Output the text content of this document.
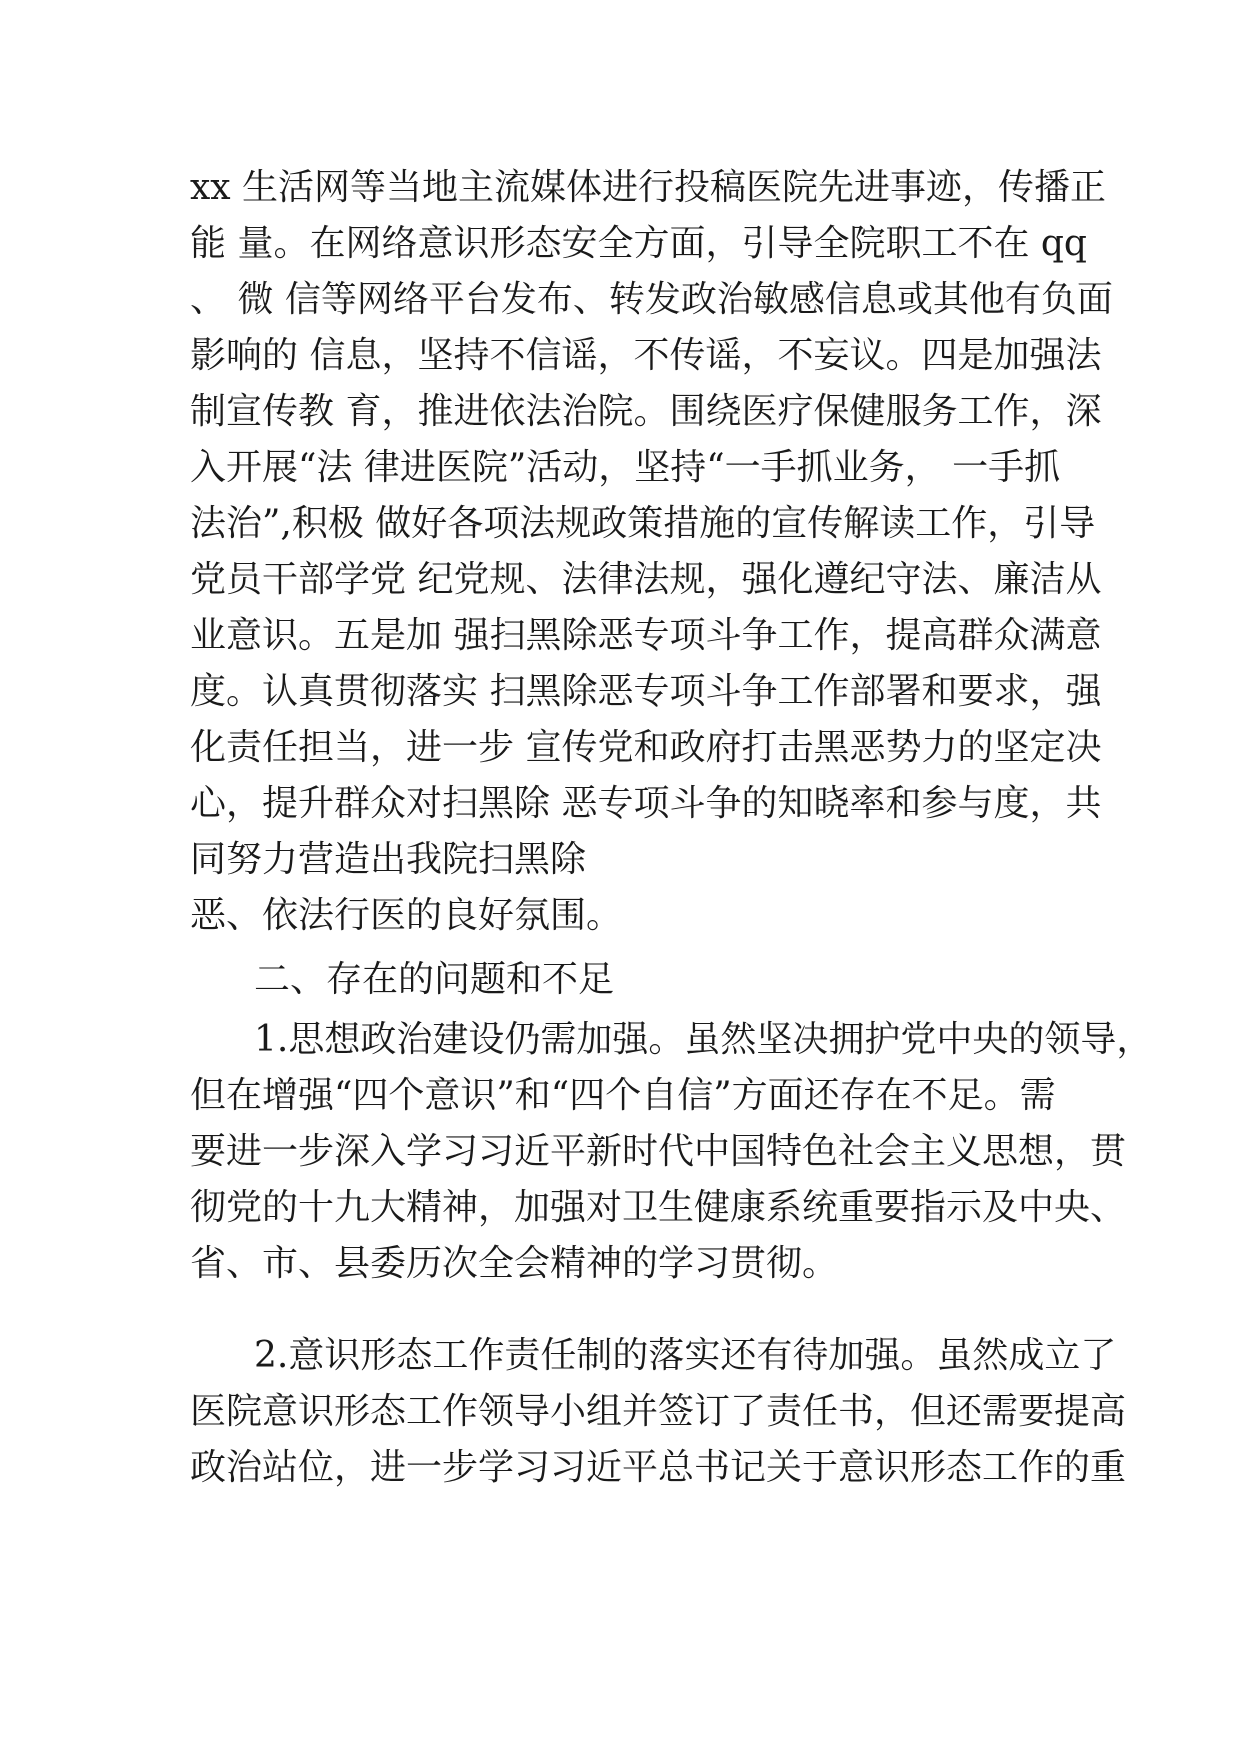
xx 生活网等当地主流媒体进行投稿医院先进事迹，传播正
能 量。在网络意识形态安全方面，引导全院职工不在 qq
、 微 信等网络平台发布、转发政治敏感信息或其他有负面
影响的 信息，坚持不信谣，不传谣，不妄议。四是加强法
制宣传教 育，推进依法治院。围绕医疗保健服务工作，深
入开展“法 律进医院”活动，坚持“一手抓业务， 一手抓
法治”,积极 做好各项法规政策措施的宣传解读工作，引导
党员干部学党 纪党规、法律法规，强化遵纪守法、廉洁从
业意识。五是加 强扫黑除恶专项斗争工作，提高群众满意
度。认真贯彻落实 扫黑除恶专项斗争工作部署和要求，强
化责任担当，进一步 宣传党和政府打击黑恶势力的坚定决
心，提升群众对扫黑除 恶专项斗争的知晓率和参与度，共
同努力营造出我院扫黑除
恶、依法行医的良好氛围。
二、存在的问题和不足
1.思想政治建设仍需加强。虽然坚决拥护党中央的领导，
但在增强“四个意识”和“四个自信”方面还存在不足。需
要进一步深入学习习近平新时代中国特色社会主义思想，贯
彻党的十九大精神，加强对卫生健康系统重要指示及中央、
省、市、县委历次全会精神的学习贯彻。
2.意识形态工作责任制的落实还有待加强。虽然成立了
医院意识形态工作领导小组并签订了责任书，但还需要提高
政治站位，进一步学习习近平总书记关于意识形态工作的重
